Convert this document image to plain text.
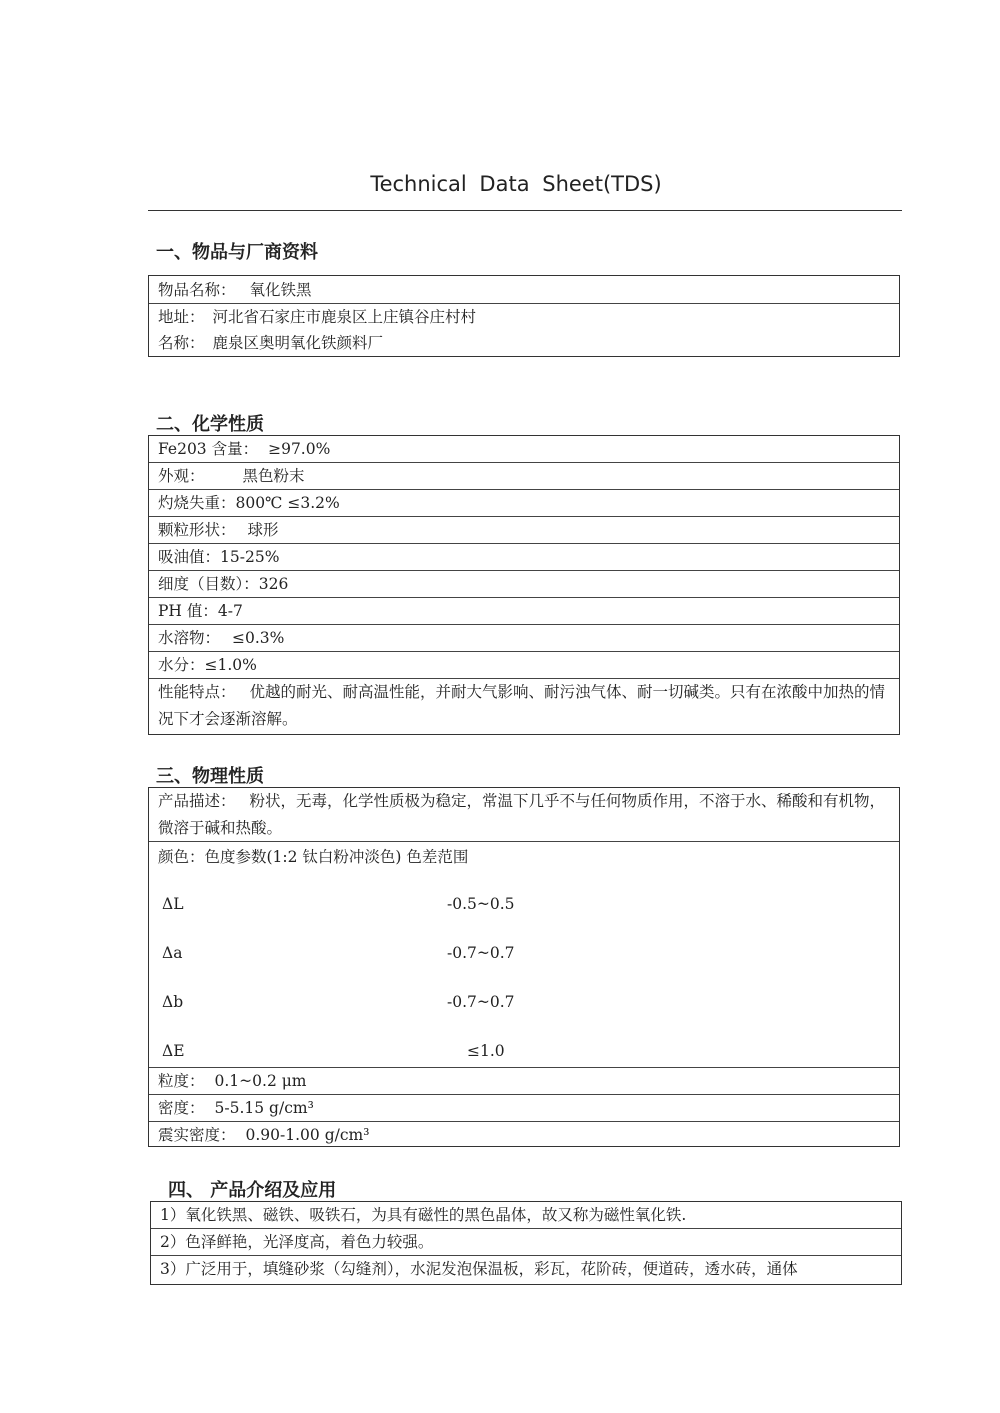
Technical Data Sheet(TDS)
一、物品与厂商资料
物品名称： 氧化铁黑
地址： 河北省石家庄市鹿泉区上庄镇谷庄村村
名称： 鹿泉区奥明氧化铁颜料厂
二、化学性质
Fe203 含量： ≥97.0%
外观： 黑色粉末
灼烧失重：800℃ ≤3.2%
颗粒形状： 球形
吸油值：15-25%
细度（目数）：326
PH 值：4-7
水溶物： ≤0.3%
水分：≤1.0%
性能特点： 优越的耐光、耐高温性能，并耐大气影响、耐污浊气体、耐一切碱类。只有在浓酸中加热的情况下才会逐渐溶解。
三、物理性质
产品描述： 粉状，无毒，化学性质极为稳定，常温下几乎不与任何物质作用，不溶于水、稀酸和有机物，微溶于碱和热酸。
颜色：色度参数(1:2 钛白粉冲淡色) 色差范围
ΔL	-0.5~0.5
Δa	-0.7~0.7
Δb	-0.7~0.7
ΔE	≤1.0
粒度： 0.1~0.2 μm
密度： 5-5.15 g/cm³
震实密度： 0.90-1.00 g/cm³
四、 产品介绍及应用
1）氧化铁黑、磁铁、吸铁石，为具有磁性的黑色晶体，故又称为磁性氧化铁.
2）色泽鲜艳，光泽度高，着色力较强。
3）广泛用于，填缝砂浆（勾缝剂），水泥发泡保温板，彩瓦，花阶砖，便道砖，透水砖，通体
